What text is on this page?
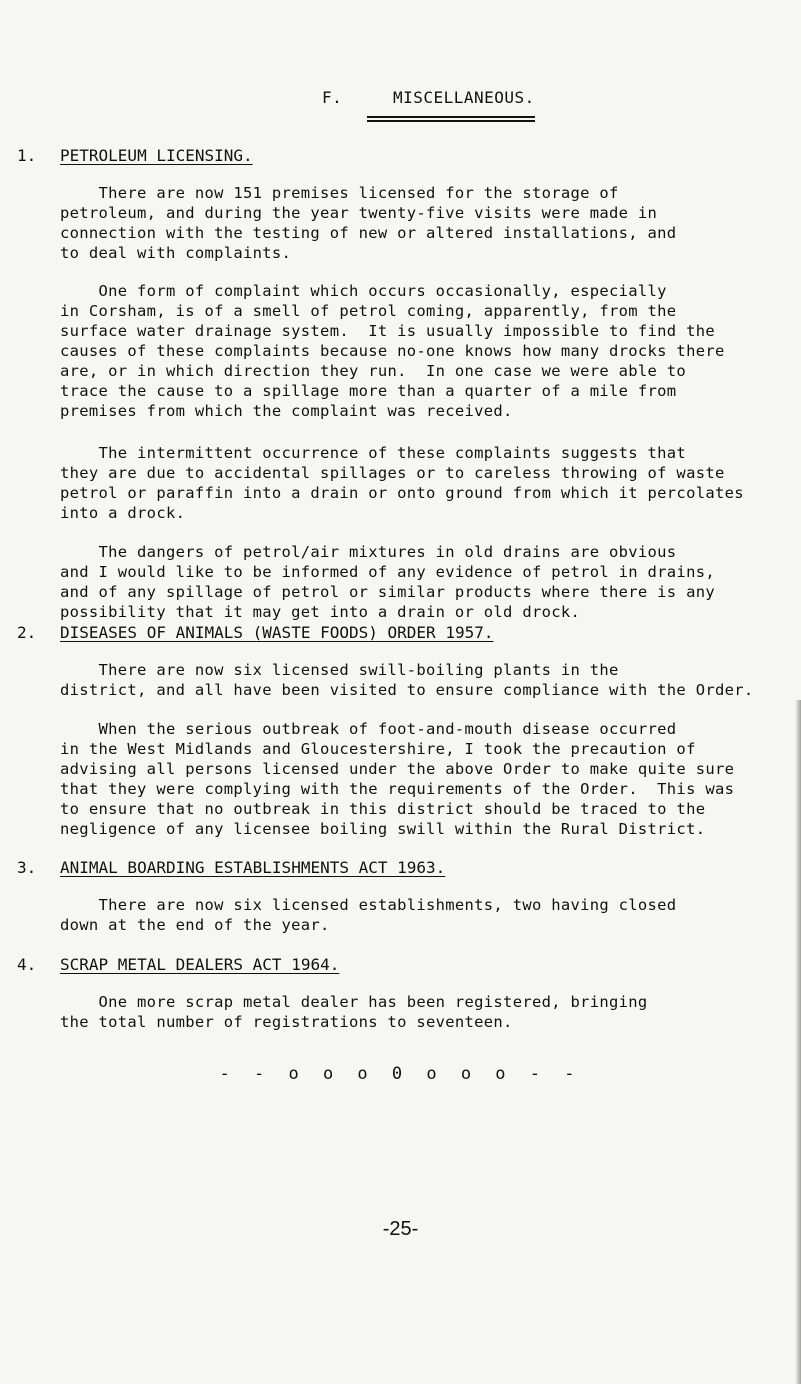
F.	MISCELLANEOUS.
1. PETROLEUM LICENSING.
There are now 151 premises licensed for the storage of
petroleum, and during the year twenty-five visits were made in
connection with the testing of new or altered installations, and
to deal with complaints.
One form of complaint which occurs occasionally, especially
in Corsham, is of a smell of petrol coming, apparently, from the
surface water drainage system.  It is usually impossible to find the
causes of these complaints because no-one knows how many drocks there
are, or in which direction they run.  In one case we were able to
trace the cause to a spillage more than a quarter of a mile from
premises from which the complaint was received.
The intermittent occurrence of these complaints suggests that
they are due to accidental spillages or to careless throwing of waste
petrol or paraffin into a drain or onto ground from which it percolates
into a drock.
The dangers of petrol/air mixtures in old drains are obvious
and I would like to be informed of any evidence of petrol in drains,
and of any spillage of petrol or similar products where there is any
possibility that it may get into a drain or old drock.
2. DISEASES OF ANIMALS (WASTE FOODS) ORDER 1957.
There are now six licensed swill-boiling plants in the
district, and all have been visited to ensure compliance with the Order.
When the serious outbreak of foot-and-mouth disease occurred
in the West Midlands and Gloucestershire, I took the precaution of
advising all persons licensed under the above Order to make quite sure
that they were complying with the requirements of the Order.  This was
to ensure that no outbreak in this district should be traced to the
negligence of any licensee boiling swill within the Rural District.
3. ANIMAL BOARDING ESTABLISHMENTS ACT 1963.
There are now six licensed establishments, two having closed
down at the end of the year.
4. SCRAP METAL DEALERS ACT 1964.
One more scrap metal dealer has been registered, bringing
the total number of registrations to seventeen.
- - o o o 0 o o o - -
-25-
